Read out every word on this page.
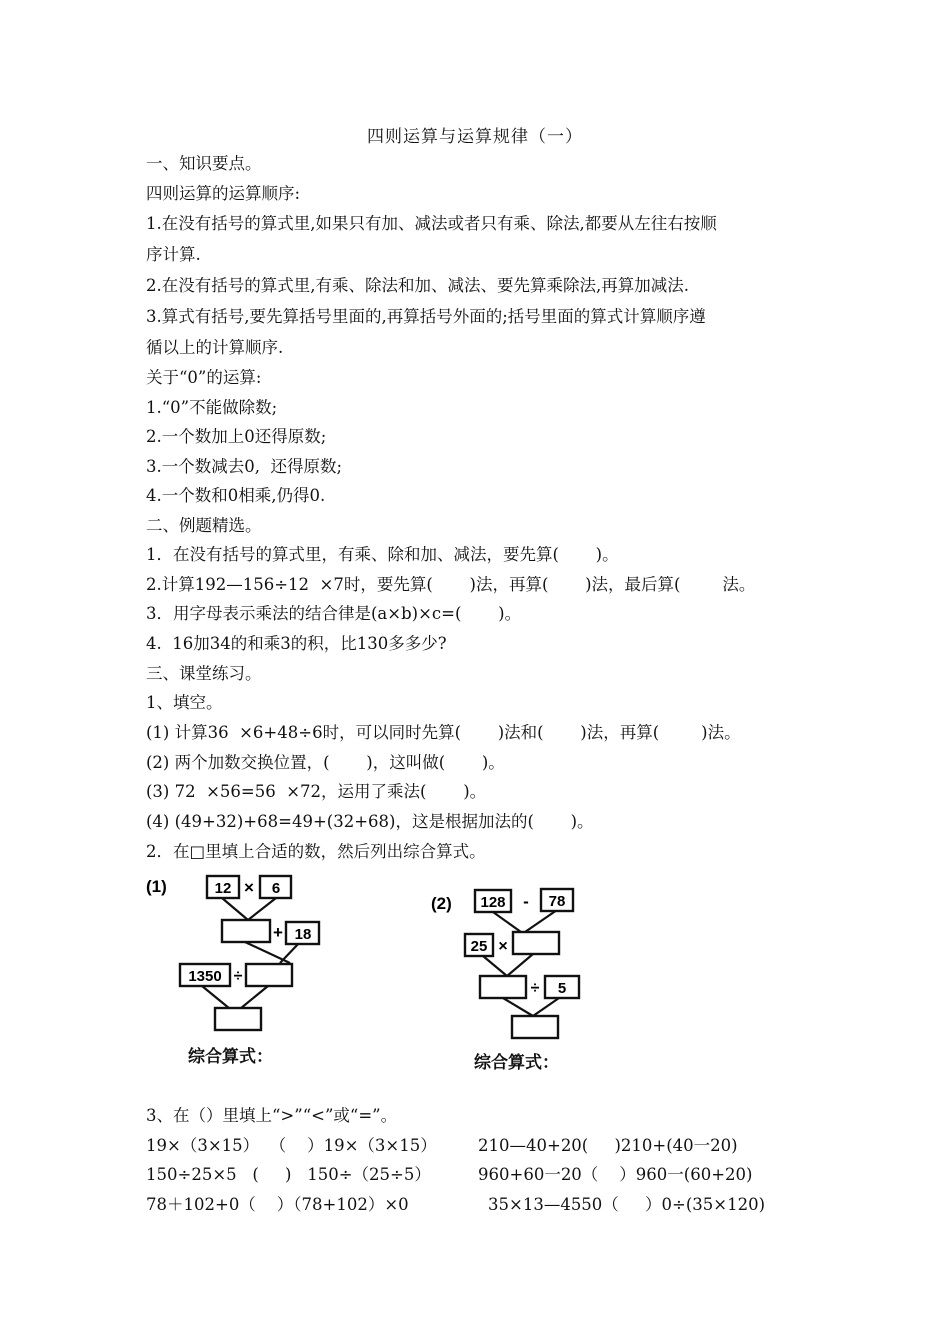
四则运算与运算规律（一）
一、知识要点。
四则运算的运算顺序:
1.在没有括号的算式里,如果只有加、减法或者只有乘、除法,都要从左往右按顺
序计算.
2.在没有括号的算式里,有乘、除法和加、减法、要先算乘除法,再算加减法.
3.算式有括号,要先算括号里面的,再算括号外面的;括号里面的算式计算顺序遵
循以上的计算顺序.
关于“0”的运算:
1.“0”不能做除数;
2.一个数加上0还得原数;
3.一个数减去0,  还得原数;
4.一个数和0相乘,仍得0.
二、例题精选。
1．在没有括号的算式里，有乘、除和加、减法，要先算(       )。
2.计算192—156÷12  ×7时，要先算(       )法，再算(       )法，最后算(        法。
3．用字母表示乘法的结合律是(a×b)×c=(       )。
4.  16加34的和乘3的积，比130多多少?
三、课堂练习。
1、填空。
(1) 计算36  ×6+48÷6时，可以同时先算(       )法和(       )法，再算(        )法。
(2) 两个加数交换位置，(       )，这叫做(       )。
(3) 72  ×56=56  ×72，运用了乘法(       )。
(4) (49+32)+68=49+(32+68)，这是根据加法的(       )。
2．在□里填上合适的数，然后列出综合算式。
(1)	12 × 6
+ 18
1350 ÷
综合算式：
(2) 128 - 78
25 ×
÷ 5
综合算式：
3、在（）里填上“>”“<”或“=”。
19×（3×15）  （    ）19×（3×15）	210—40+20(     )210+(40一20)
150÷25×5   (     )   150÷（25÷5）	960+60一20（    ）960一(60+20)
78＋102+0（    ）（78+102）×0	35×13—4550（     ）0÷(35×120)
